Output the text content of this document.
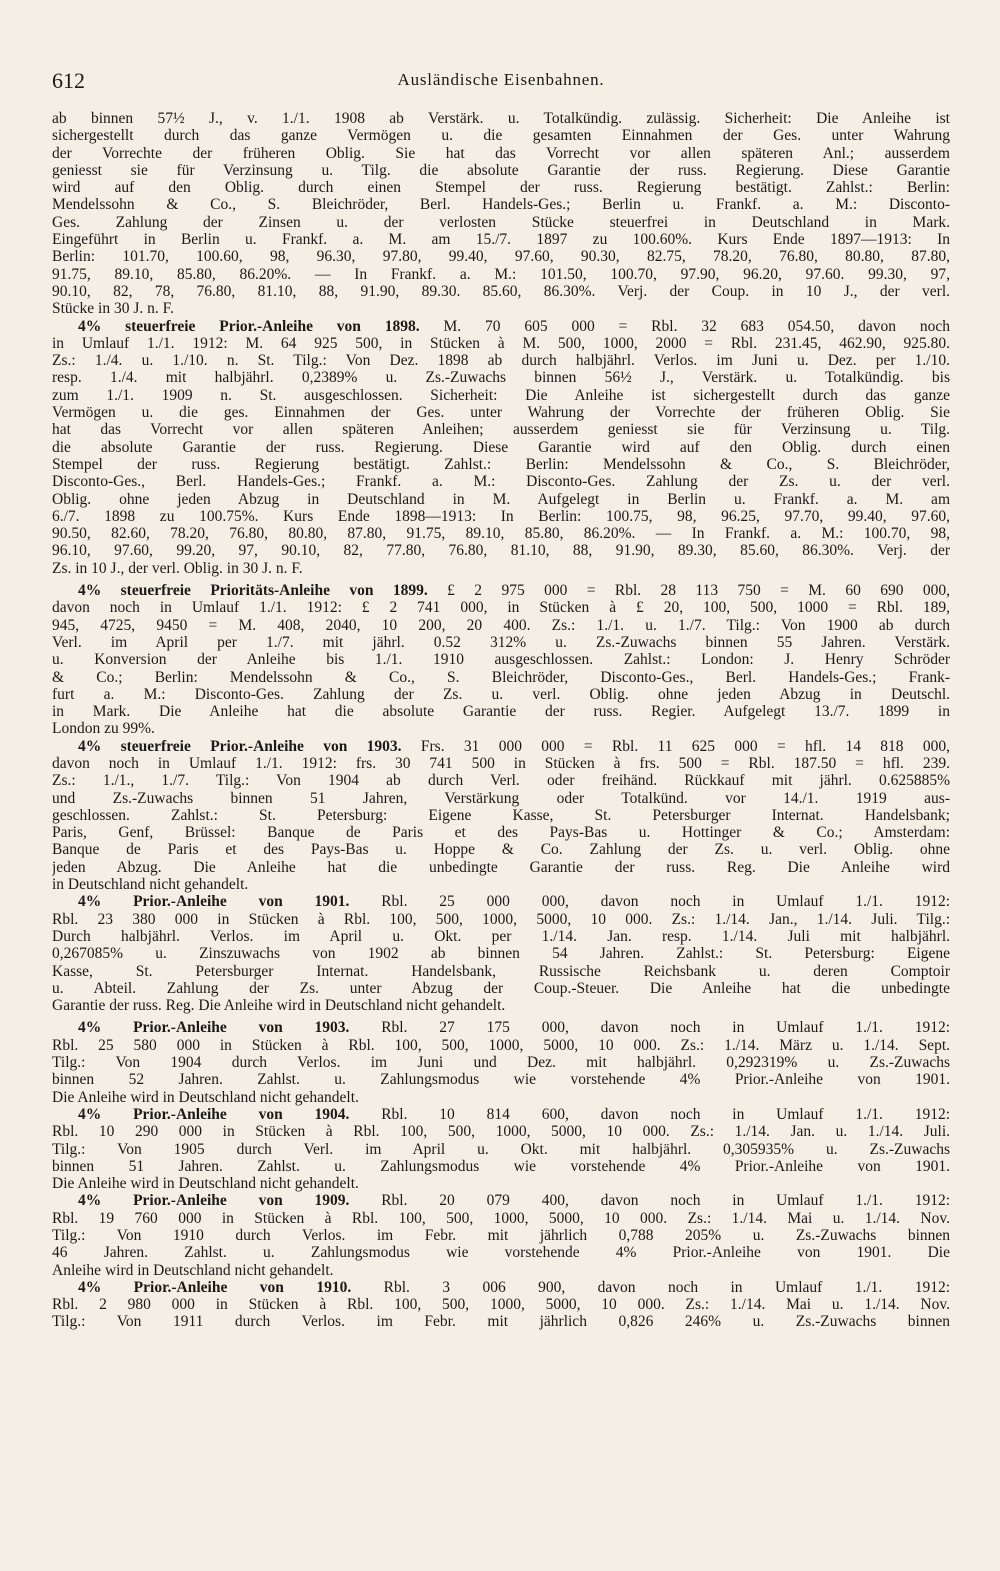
612	Ausländische Eisenbahnen.
ab binnen 57½ J., v. 1./1. 1908 ab Verstärk. u. Totalkündig. zulässig. Sicherheit: Die Anleihe ist
sichergestellt durch das ganze Vermögen u. die gesamten Einnahmen der Ges. unter Wahrung
der Vorrechte der früheren Oblig. Sie hat das Vorrecht vor allen späteren Anl.; ausserdem
geniesst sie für Verzinsung u. Tilg. die absolute Garantie der russ. Regierung. Diese Garantie
wird auf den Oblig. durch einen Stempel der russ. Regierung bestätigt. Zahlst.: Berlin:
Mendelssohn & Co., S. Bleichröder, Berl. Handels-Ges.; Berlin u. Frankf. a. M.: Disconto-
Ges. Zahlung der Zinsen u. der verlosten Stücke steuerfrei in Deutschland in Mark.
Eingeführt in Berlin u. Frankf. a. M. am 15./7. 1897 zu 100.60%. Kurs Ende 1897—1913: In
Berlin: 101.70, 100.60, 98, 96.30, 97.80, 99.40, 97.60, 90.30, 82.75, 78.20, 76.80, 80.80, 87.80,
91.75, 89.10, 85.80, 86.20%. — In Frankf. a. M.: 101.50, 100.70, 97.90, 96.20, 97.60. 99.30, 97,
90.10, 82, 78, 76.80, 81.10, 88, 91.90, 89.30. 85.60, 86.30%. Verj. der Coup. in 10 J., der verl.
Stücke in 30 J. n. F.
4% steuerfreie Prior.-Anleihe von 1898. M. 70 605 000 = Rbl. 32 683 054.50, davon noch
in Umlauf 1./1. 1912: M. 64 925 500, in Stücken à M. 500, 1000, 2000 = Rbl. 231.45, 462.90, 925.80.
Zs.: 1./4. u. 1./10. n. St. Tilg.: Von Dez. 1898 ab durch halbjährl. Verlos. im Juni u. Dez. per 1./10.
resp. 1./4. mit halbjährl. 0,2389% u. Zs.-Zuwachs binnen 56½ J., Verstärk. u. Totalkündig. bis
zum 1./1. 1909 n. St. ausgeschlossen. Sicherheit: Die Anleihe ist sichergestellt durch das ganze
Vermögen u. die ges. Einnahmen der Ges. unter Wahrung der Vorrechte der früheren Oblig. Sie
hat das Vorrecht vor allen späteren Anleihen; ausserdem geniesst sie für Verzinsung u. Tilg.
die absolute Garantie der russ. Regierung. Diese Garantie wird auf den Oblig. durch einen
Stempel der russ. Regierung bestätigt. Zahlst.: Berlin: Mendelssohn & Co., S. Bleichröder,
Disconto-Ges., Berl. Handels-Ges.; Frankf. a. M.: Disconto-Ges. Zahlung der Zs. u. der verl.
Oblig. ohne jeden Abzug in Deutschland in M. Aufgelegt in Berlin u. Frankf. a. M. am
6./7. 1898 zu 100.75%. Kurs Ende 1898—1913: In Berlin: 100.75, 98, 96.25, 97.70, 99.40, 97.60,
90.50, 82.60, 78.20, 76.80, 80.80, 87.80, 91.75, 89.10, 85.80, 86.20%. — In Frankf. a. M.: 100.70, 98,
96.10, 97.60, 99.20, 97, 90.10, 82, 77.80, 76.80, 81.10, 88, 91.90, 89.30, 85.60, 86.30%. Verj. der
Zs. in 10 J., der verl. Oblig. in 30 J. n. F.
4% steuerfreie Prioritäts-Anleihe von 1899. £ 2 975 000 = Rbl. 28 113 750 = M. 60 690 000,
davon noch in Umlauf 1./1. 1912: £ 2 741 000, in Stücken à £ 20, 100, 500, 1000 = Rbl. 189,
945, 4725, 9450 = M. 408, 2040, 10 200, 20 400. Zs.: 1./1. u. 1./7. Tilg.: Von 1900 ab durch
Verl. im April per 1./7. mit jährl. 0.52 312% u. Zs.-Zuwachs binnen 55 Jahren. Verstärk.
u. Konversion der Anleihe bis 1./1. 1910 ausgeschlossen. Zahlst.: London: J. Henry Schröder
& Co.; Berlin: Mendelssohn & Co., S. Bleichröder, Disconto-Ges., Berl. Handels-Ges.; Frank-
furt a. M.: Disconto-Ges. Zahlung der Zs. u. verl. Oblig. ohne jeden Abzug in Deutschl.
in Mark. Die Anleihe hat die absolute Garantie der russ. Regier. Aufgelegt 13./7. 1899 in
London zu 99%.
4% steuerfreie Prior.-Anleihe von 1903. Frs. 31 000 000 = Rbl. 11 625 000 = hfl. 14 818 000,
davon noch in Umlauf 1./1. 1912: frs. 30 741 500 in Stücken à frs. 500 = Rbl. 187.50 = hfl. 239.
Zs.: 1./1., 1./7. Tilg.: Von 1904 ab durch Verl. oder freihänd. Rückkauf mit jährl. 0.625885%
und Zs.-Zuwachs binnen 51 Jahren, Verstärkung oder Totalkünd. vor 14./1. 1919 aus-
geschlossen. Zahlst.: St. Petersburg: Eigene Kasse, St. Petersburger Internat. Handelsbank;
Paris, Genf, Brüssel: Banque de Paris et des Pays-Bas u. Hottinger & Co.; Amsterdam:
Banque de Paris et des Pays-Bas u. Hoppe & Co. Zahlung der Zs. u. verl. Oblig. ohne
jeden Abzug. Die Anleihe hat die unbedingte Garantie der russ. Reg. Die Anleihe wird
in Deutschland nicht gehandelt.
4% Prior.-Anleihe von 1901. Rbl. 25 000 000, davon noch in Umlauf 1./1. 1912:
Rbl. 23 380 000 in Stücken à Rbl. 100, 500, 1000, 5000, 10 000. Zs.: 1./14. Jan., 1./14. Juli. Tilg.:
Durch halbjährl. Verlos. im April u. Okt. per 1./14. Jan. resp. 1./14. Juli mit halbjährl.
0,267085% u. Zinszuwachs von 1902 ab binnen 54 Jahren. Zahlst.: St. Petersburg: Eigene
Kasse, St. Petersburger Internat. Handelsbank, Russische Reichsbank u. deren Comptoir
u. Abteil. Zahlung der Zs. unter Abzug der Coup.-Steuer. Die Anleihe hat die unbedingte
Garantie der russ. Reg. Die Anleihe wird in Deutschland nicht gehandelt.
4% Prior.-Anleihe von 1903. Rbl. 27 175 000, davon noch in Umlauf 1./1. 1912:
Rbl. 25 580 000 in Stücken à Rbl. 100, 500, 1000, 5000, 10 000. Zs.: 1./14. März u. 1./14. Sept.
Tilg.: Von 1904 durch Verlos. im Juni und Dez. mit halbjährl. 0,292319% u. Zs.-Zuwachs
binnen 52 Jahren. Zahlst. u. Zahlungsmodus wie vorstehende 4% Prior.-Anleihe von 1901.
Die Anleihe wird in Deutschland nicht gehandelt.
4% Prior.-Anleihe von 1904. Rbl. 10 814 600, davon noch in Umlauf 1./1. 1912:
Rbl. 10 290 000 in Stücken à Rbl. 100, 500, 1000, 5000, 10 000. Zs.: 1./14. Jan. u. 1./14. Juli.
Tilg.: Von 1905 durch Verl. im April u. Okt. mit halbjährl. 0,305935% u. Zs.-Zuwachs
binnen 51 Jahren. Zahlst. u. Zahlungsmodus wie vorstehende 4% Prior.-Anleihe von 1901.
Die Anleihe wird in Deutschland nicht gehandelt.
4% Prior.-Anleihe von 1909. Rbl. 20 079 400, davon noch in Umlauf 1./1. 1912:
Rbl. 19 760 000 in Stücken à Rbl. 100, 500, 1000, 5000, 10 000. Zs.: 1./14. Mai u. 1./14. Nov.
Tilg.: Von 1910 durch Verlos. im Febr. mit jährlich 0,788 205% u. Zs.-Zuwachs binnen
46 Jahren. Zahlst. u. Zahlungsmodus wie vorstehende 4% Prior.-Anleihe von 1901. Die
Anleihe wird in Deutschland nicht gehandelt.
4% Prior.-Anleihe von 1910. Rbl. 3 006 900, davon noch in Umlauf 1./1. 1912:
Rbl. 2 980 000 in Stücken à Rbl. 100, 500, 1000, 5000, 10 000. Zs.: 1./14. Mai u. 1./14. Nov.
Tilg.: Von 1911 durch Verlos. im Febr. mit jährlich 0,826 246% u. Zs.-Zuwachs binnen
